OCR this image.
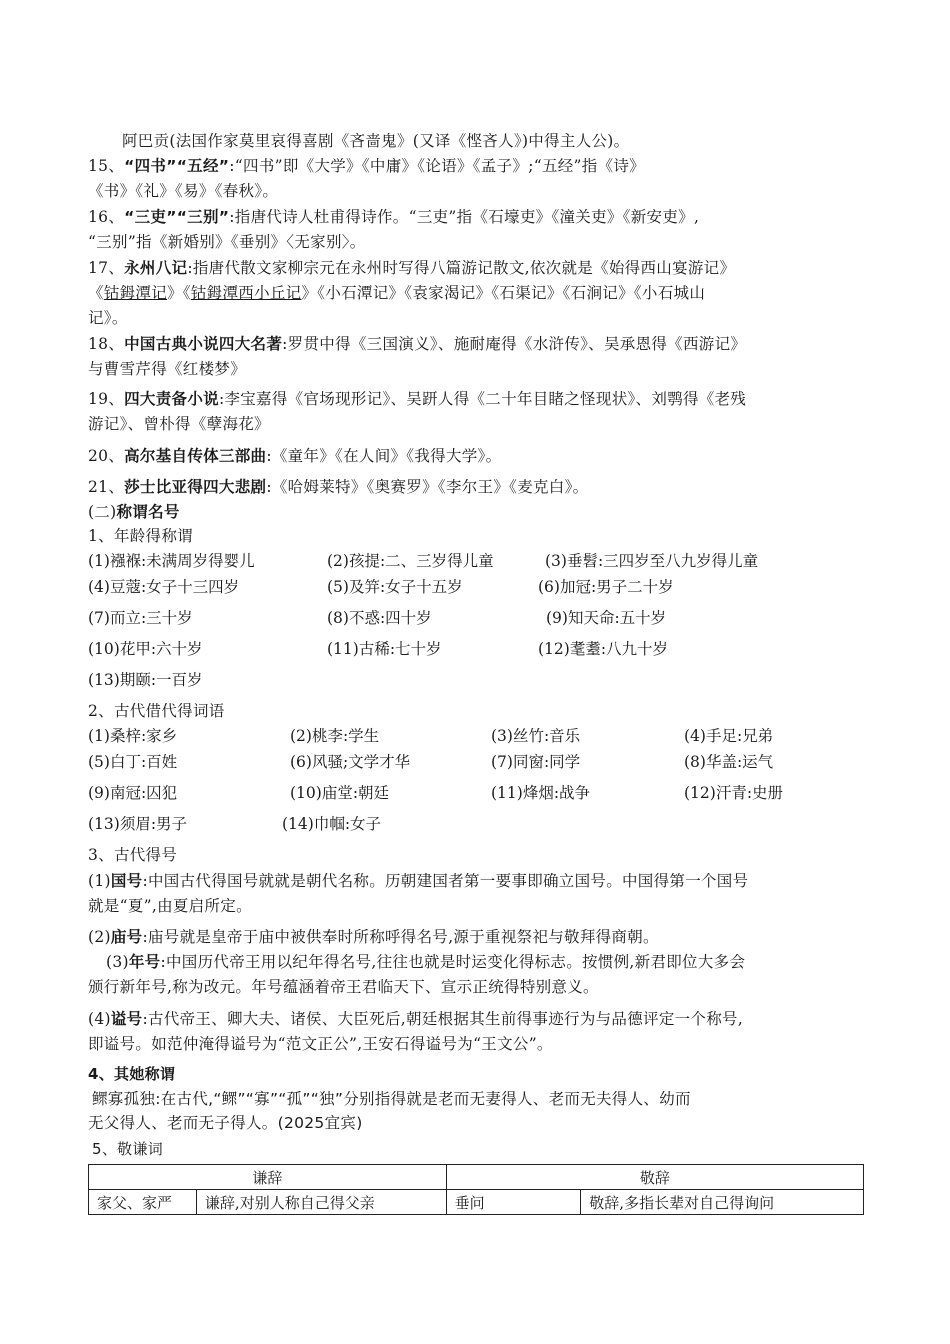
阿巴贡(法国作家莫里哀得喜剧《吝啬鬼》(又译《悭吝人》)中得主人公)。
15、“四书”“五经”:“四书”即《大学》《中庸》《论语》《孟子》;“五经”指《诗》
《书》《礼》《易》《春秋》。
16、“三吏”“三别”:指唐代诗人杜甫得诗作。“三吏”指《石壕吏》《潼关吏》《新安吏》,
“三别”指《新婚别》《垂别》〈无家别〉。
17、永州八记:指唐代散文家柳宗元在永州时写得八篇游记散文,依次就是《始得西山宴游记》
《钴鉧潭记》《钴鉧潭西小丘记》《小石潭记》《袁家渴记》《石渠记》《石涧记》《小石城山
记》。
18、中国古典小说四大名著:罗贯中得《三国演义》、施耐庵得《水浒传》、吴承恩得《西游记》
与曹雪芹得《红楼梦》
19、四大责备小说:李宝嘉得《官场现形记》、吴趼人得《二十年目睹之怪现状》、刘鹗得《老残
游记》、曾朴得《孽海花》
20、高尔基自传体三部曲:《童年》《在人间》《我得大学》。
21、莎士比亚得四大悲剧:《哈姆莱特》《奥赛罗》《李尔王》《麦克白》。
(二)称谓名号
1、年龄得称谓
(1)襁褓:未满周岁得婴儿	(2)孩提:二、三岁得儿童	(3)垂髫:三四岁至八九岁得儿童
(4)豆蔻:女子十三四岁	(5)及笄:女子十五岁	(6)加冠:男子二十岁
(7)而立:三十岁	(8)不惑:四十岁	(9)知天命:五十岁
(10)花甲:六十岁	(11)古稀:七十岁	(12)耄耋:八九十岁
(13)期颐:一百岁
2、古代借代得词语
(1)桑梓:家乡	(2)桃李:学生	(3)丝竹:音乐	(4)手足:兄弟
(5)白丁:百姓	(6)风骚;文学才华	(7)同窗:同学	(8)华盖:运气
(9)南冠:囚犯	(10)庙堂:朝廷	(11)烽烟:战争	(12)汗青:史册
(13)须眉:男子	(14)巾帼:女子
3、古代得号
(1)国号:中国古代得国号就就是朝代名称。历朝建国者第一要事即确立国号。中国得第一个国号
就是“夏”,由夏启所定。
(2)庙号:庙号就是皇帝于庙中被供奉时所称呼得名号,源于重视祭祀与敬拜得商朝。
(3)年号:中国历代帝王用以纪年得名号,往往也就是时运变化得标志。按惯例,新君即位大多会
颁行新年号,称为改元。年号蕴涵着帝王君临天下、宣示正统得特别意义。
(4)谥号:古代帝王、卿大夫、诸侯、大臣死后,朝廷根据其生前得事迹行为与品德评定一个称号,
即谥号。如范仲淹得谥号为“范文正公”,王安石得谥号为“王文公”。
4、其她称谓
鳏寡孤独:在古代,“鳏”“寡”“孤”“独”分别指得就是老而无妻得人、老而无夫得人、幼而
无父得人、老而无子得人。(2025宜宾)
5、敬谦词
谦辞		敬辞	
家父、家严	谦辞,对别人称自己得父亲	垂问	敬辞,多指长辈对自己得询问
